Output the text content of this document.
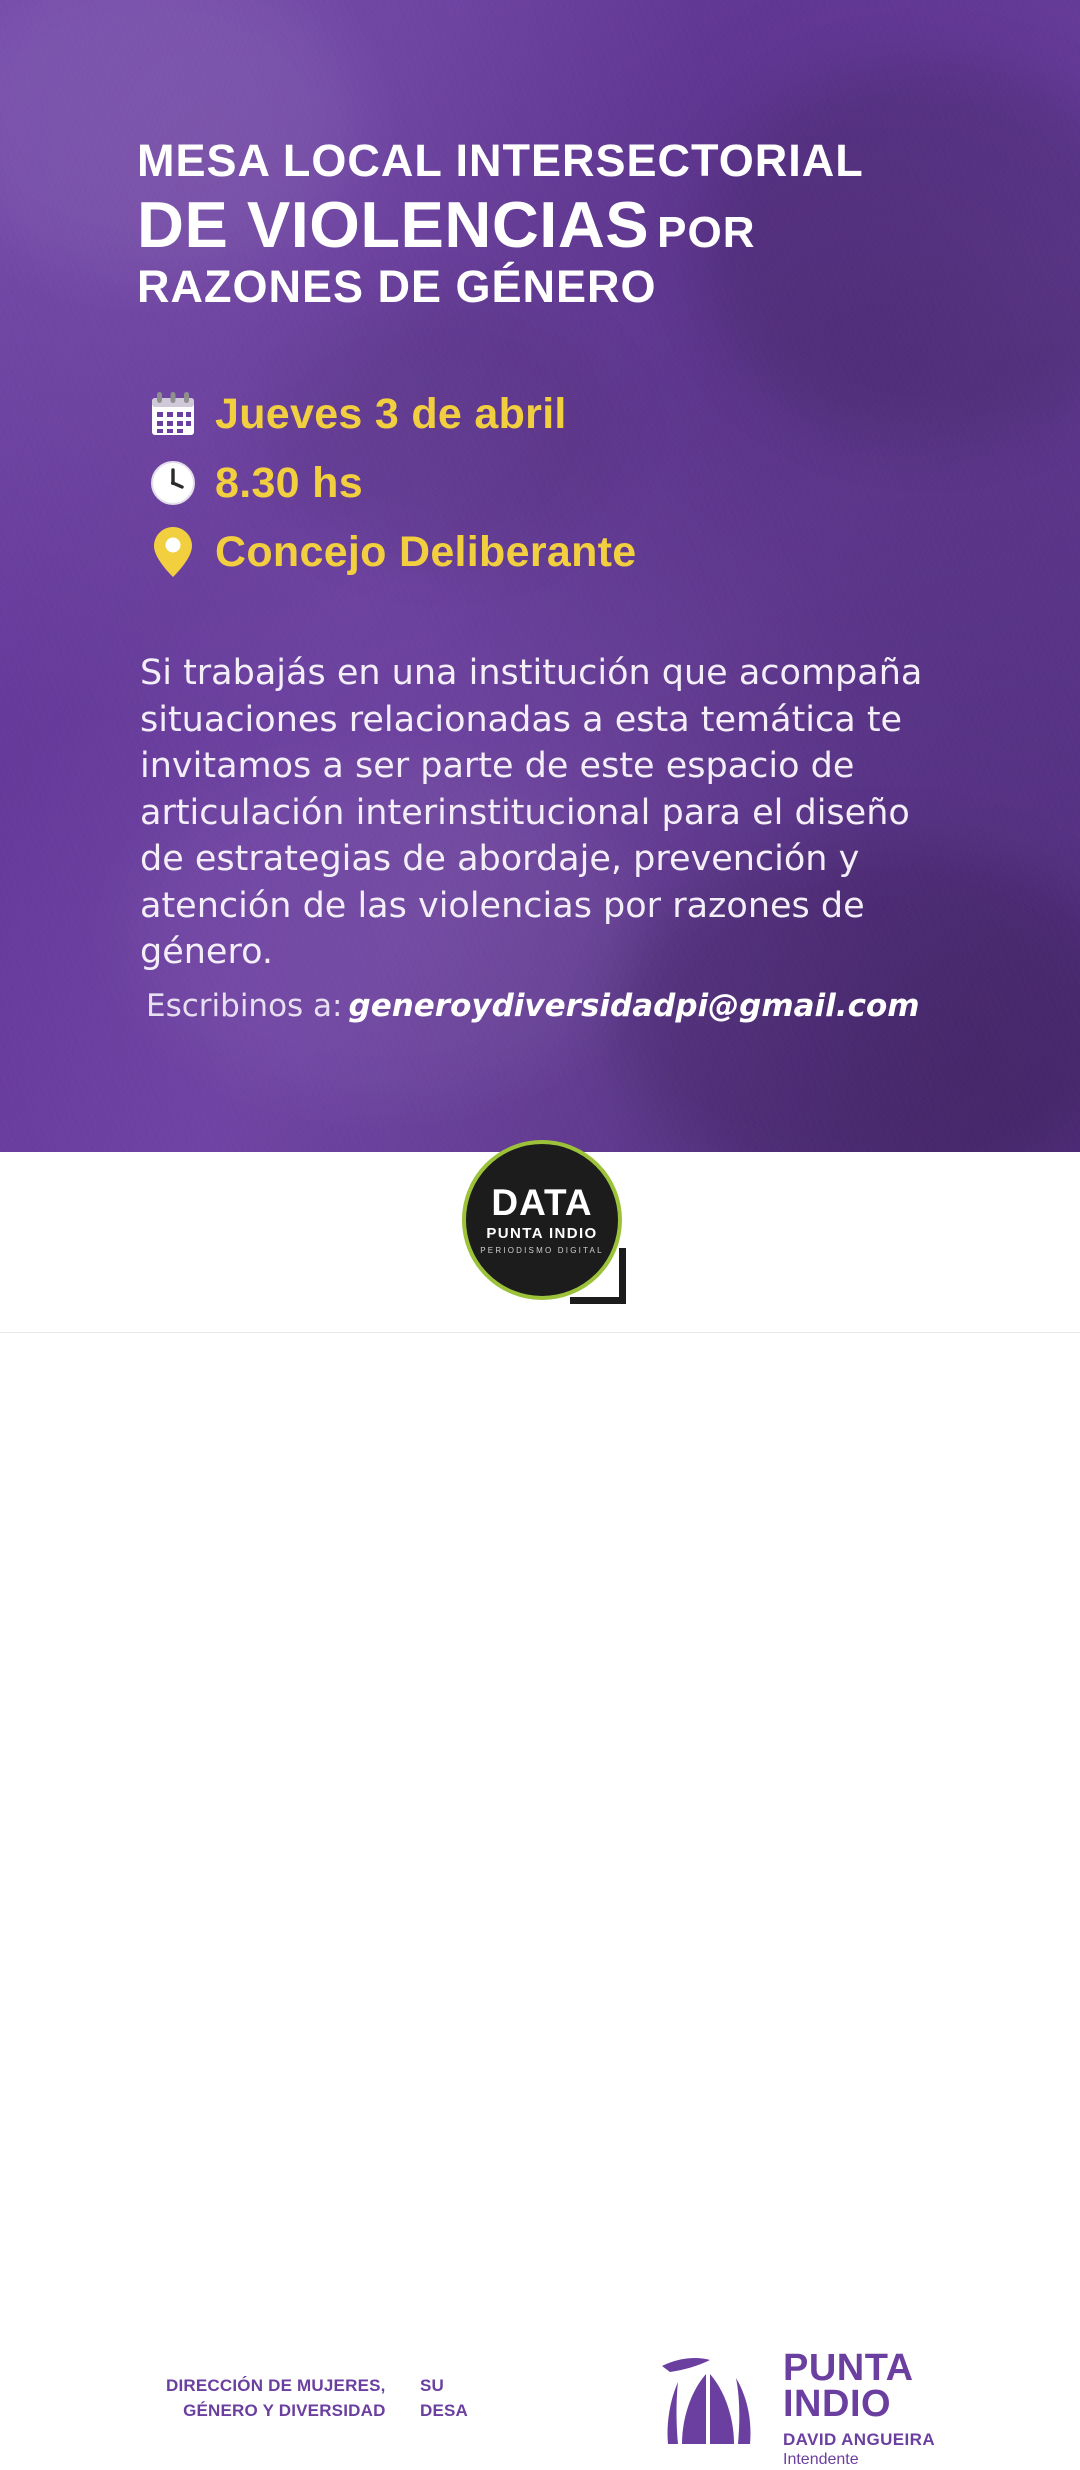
MESA LOCAL INTERSECTORIAL
DE VIOLENCIAS POR
RAZONES DE GÉNERO
Jueves 3 de abril
8.30 hs
Concejo Deliberante
Si trabajás en una institución que acompaña situaciones relacionadas a esta temática te invitamos a ser parte de este espacio de articulación interinstitucional para el diseño de estrategias de abordaje, prevención y atención de las violencias por razones de género.
Escribinos a: generoydiversidadpi@gmail.com
DIRECCIÓN DE MUJERES,
GÉNERO Y DIVERSIDAD
SU
DESA
PUNTA
INDIO
DAVID ANGUEIRA
Intendente
DATA
PUNTA INDIO
PERIODISMO DIGITAL
